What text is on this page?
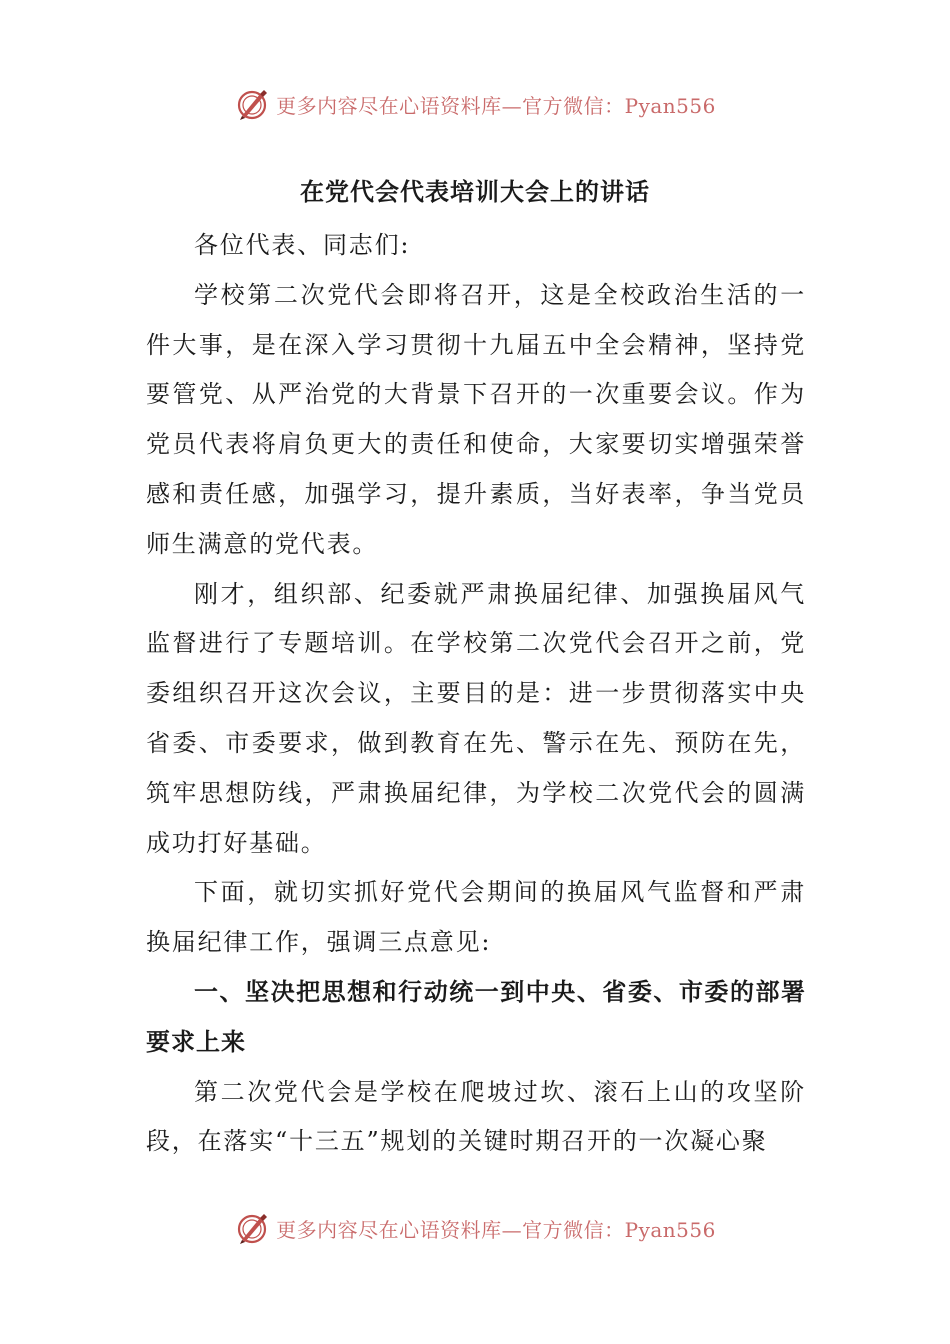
更多内容尽在心语资料库—官方微信：Pyan556
在党代会代表培训大会上的讲话

各位代表、同志们:

学校第二次党代会即将召开，这是全校政治生活的一件大事，是在深入学习贯彻十九届五中全会精神，坚持党要管党、从严治党的大背景下召开的一次重要会议。作为党员代表将肩负更大的责任和使命，大家要切实增强荣誉感和责任感，加强学习，提升素质，当好表率，争当党员师生满意的党代表。

刚才，组织部、纪委就严肃换届纪律、加强换届风气监督进行了专题培训。在学校第二次党代会召开之前，党委组织召开这次会议，主要目的是：进一步贯彻落实中央省委、市委要求，做到教育在先、警示在先、预防在先，筑牢思想防线，严肃换届纪律，为学校二次党代会的圆满成功打好基础。

下面，就切实抓好党代会期间的换届风气监督和严肃换届纪律工作，强调三点意见:

一、坚决把思想和行动统一到中央、省委、市委的部署要求上来

第二次党代会是学校在爬坡过坎、滚石上山的攻坚阶段，在落实“十三五”规划的关键时期召开的一次凝心聚

更多内容尽在心语资料库—官方微信：Pyan556
